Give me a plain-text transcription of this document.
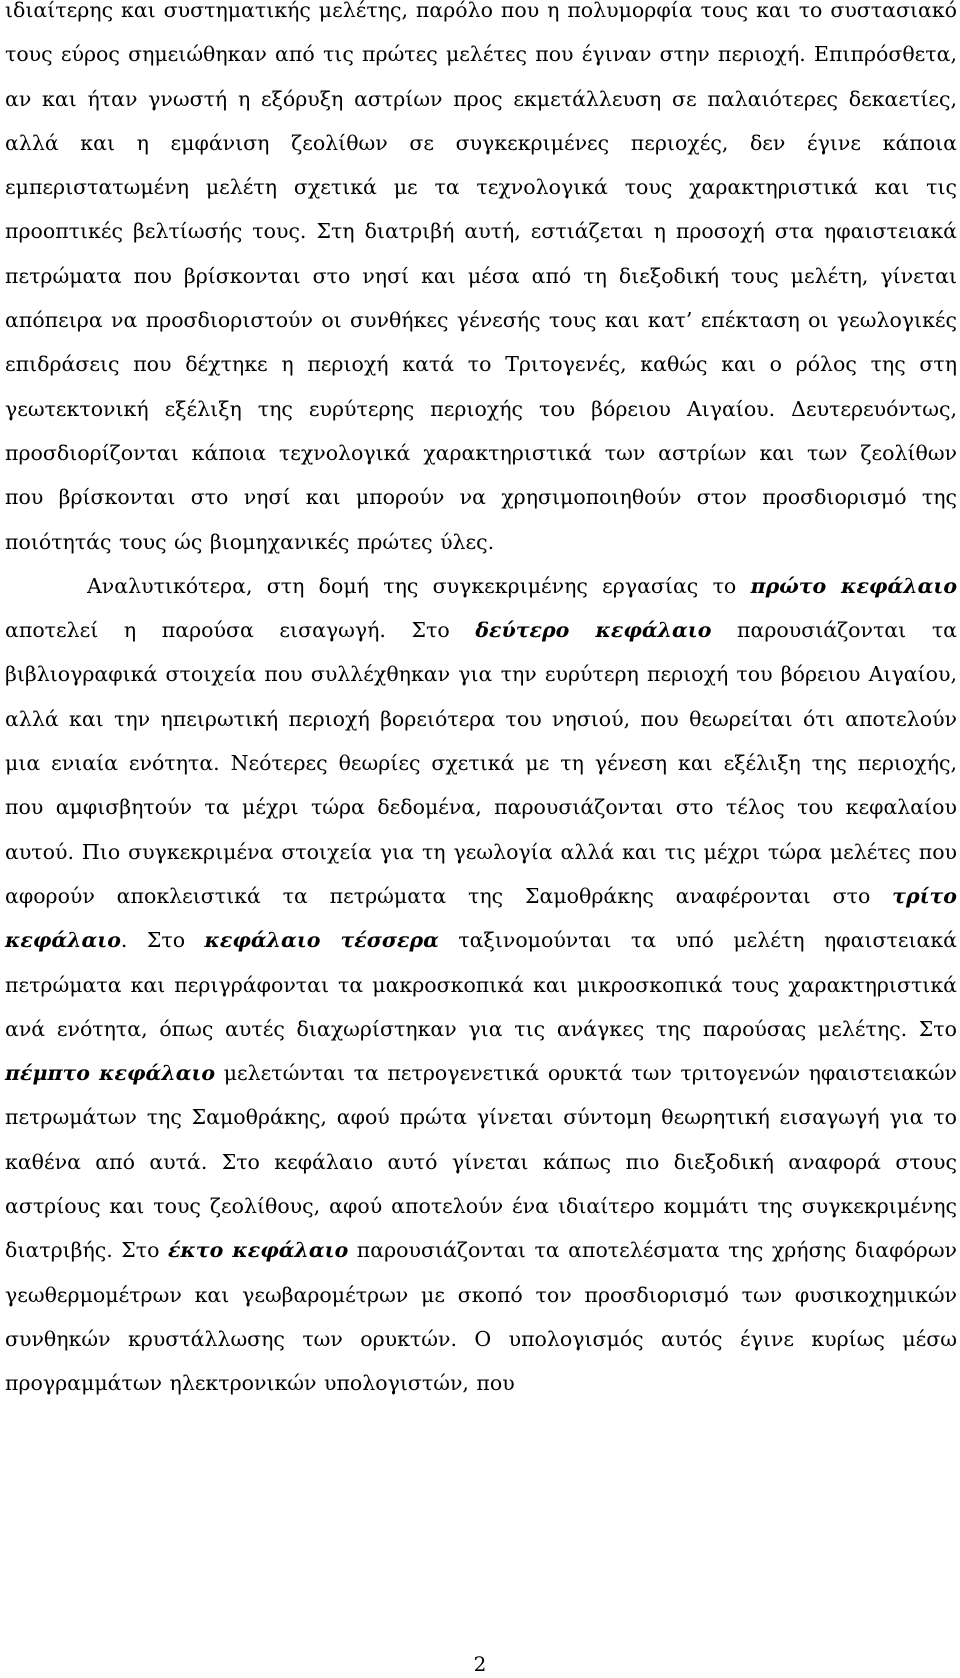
ιδιαίτερης και συστηματικής μελέτης, παρόλο που η πολυμορφία τους και το συστασιακό τους εύρος σημειώθηκαν από τις πρώτες μελέτες που έγιναν στην περιοχή. Επιπρόσθετα, αν και ήταν γνωστή η εξόρυξη αστρίων προς εκμετάλλευση σε παλαιότερες δεκαετίες, αλλά και η εμφάνιση ζεολίθων σε συγκεκριμένες περιοχές, δεν έγινε κάποια εμπεριστατωμένη μελέτη σχετικά με τα τεχνολογικά τους χαρακτηριστικά και τις προοπτικές βελτίωσής τους. Στη διατριβή αυτή, εστιάζεται η προσοχή στα ηφαιστειακά πετρώματα που βρίσκονται στο νησί και μέσα από τη διεξοδική τους μελέτη, γίνεται απόπειρα να προσδιοριστούν οι συνθήκες γένεσής τους και κατ’ επέκταση οι γεωλογικές επιδράσεις που δέχτηκε η περιοχή κατά το Τριτογενές, καθώς και ο ρόλος της στη γεωτεκτονική εξέλιξη της ευρύτερης περιοχής του βόρειου Αιγαίου. Δευτερευόντως, προσδιορίζονται κάποια τεχνολογικά χαρακτηριστικά των αστρίων και των ζεολίθων που βρίσκονται στο νησί και μπορούν να χρησιμοποιηθούν στον προσδιορισμό της ποιότητάς τους ώς βιομηχανικές πρώτες ύλες.

Αναλυτικότερα, στη δομή της συγκεκριμένης εργασίας το πρώτο κεφάλαιο αποτελεί η παρούσα εισαγωγή. Στο δεύτερο κεφάλαιο παρουσιάζονται τα βιβλιογραφικά στοιχεία που συλλέχθηκαν για την ευρύτερη περιοχή του βόρειου Αιγαίου, αλλά και την ηπειρωτική περιοχή βορειότερα του νησιού, που θεωρείται ότι αποτελούν μια ενιαία ενότητα. Νεότερες θεωρίες σχετικά με τη γένεση και εξέλιξη της περιοχής, που αμφισβητούν τα μέχρι τώρα δεδομένα, παρουσιάζονται στο τέλος του κεφαλαίου αυτού. Πιο συγκεκριμένα στοιχεία για τη γεωλογία αλλά και τις μέχρι τώρα μελέτες που αφορούν αποκλειστικά τα πετρώματα της Σαμοθράκης αναφέρονται στο τρίτο κεφάλαιο. Στο κεφάλαιο τέσσερα ταξινομούνται τα υπό μελέτη ηφαιστειακά πετρώματα και περιγράφονται τα μακροσκοπικά και μικροσκοπικά τους χαρακτηριστικά ανά ενότητα, όπως αυτές διαχωρίστηκαν για τις ανάγκες της παρούσας μελέτης. Στο πέμπτο κεφάλαιο μελετώνται τα πετρογενετικά ορυκτά των τριτογενών ηφαιστειακών πετρωμάτων της Σαμοθράκης, αφού πρώτα γίνεται σύντομη θεωρητική εισαγωγή για το καθένα από αυτά. Στο κεφάλαιο αυτό γίνεται κάπως πιο διεξοδική αναφορά στους αστρίους και τους ζεολίθους, αφού αποτελούν ένα ιδιαίτερο κομμάτι της συγκεκριμένης διατριβής. Στο έκτο κεφάλαιο παρουσιάζονται τα αποτελέσματα της χρήσης διαφόρων γεωθερμομέτρων και γεωβαρομέτρων με σκοπό τον προσδιορισμό των φυσικοχημικών συνθηκών κρυστάλλωσης των ορυκτών. Ο υπολογισμός αυτός έγινε κυρίως μέσω προγραμμάτων ηλεκτρονικών υπολογιστών, που

2
